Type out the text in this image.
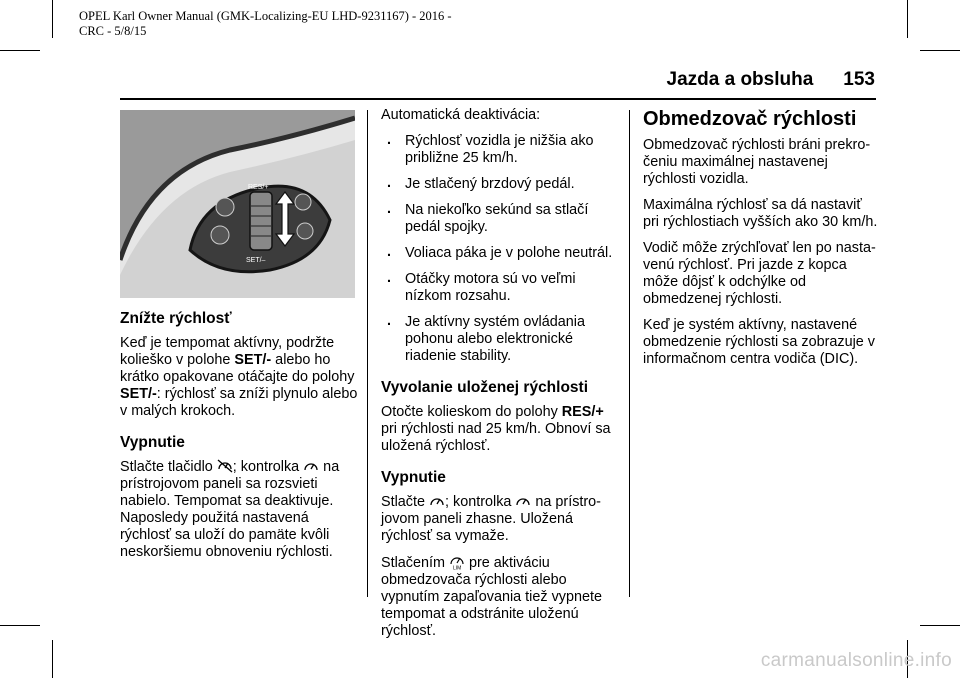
OPEL Karl Owner Manual (GMK-Localizing-EU LHD-9231167) - 2016 -
CRC - 5/8/15
Jazda a obsluha 153
RES/+
SET/–
Znížte rýchlosť

Keď je tempomat aktívny, podržte kolieško v polohe SET/- alebo ho krátko opakovane otáčajte do polohy SET/-: rýchlosť sa zníži plynulo alebo v malých krokoch.

Vypnutie

Stlačte tlačidlo ; kontrolka  na prístrojovom paneli sa rozsvieti nabielo. Tempomat sa deaktivuje. Naposledy použitá nastavená rýchlosť sa uloží do pamäte kvôli neskoršiemu obnoveniu rýchlosti.

Automatická deaktivácia:

. Rýchlosť vozidla je nižšia ako približne 25 km/h.
. Je stlačený brzdový pedál.
. Na niekoľko sekúnd sa stlačí pedál spojky.
. Voliaca páka je v polohe neutrál.
. Otáčky motora sú vo veľmi nízkom rozsahu.
. Je aktívny systém ovládania pohonu alebo elektronické riadenie stability.
Vyvolanie uloženej rýchlosti

Otočte kolieskom do polohy RES/+ pri rýchlosti nad 25 km/h. Obnoví sa uložená rýchlosť.

Vypnutie

Stlačte ; kontrolka  na prístro-jovom paneli zhasne. Uložená rýchlosť sa vymaže.

Stlačením LIM pre aktiváciu obmedzovača rýchlosti alebo vypnutím zapaľovania tiež vypnete tempomat a odstránite uloženú rýchlosť.

Obmedzovač rýchlosti

Obmedzovač rýchlosti bráni prekro-čeniu maximálnej nastavenej rýchlosti vozidla.

Maximálna rýchlosť sa dá nastaviť pri rýchlostiach vyšších ako 30 km/h.

Vodič môže zrýchľovať len po nasta-venú rýchlosť. Pri jazde z kopca môže dôjsť k odchýlke od obmedzenej rýchlosti.

Keď je systém aktívny, nastavené obmedzenie rýchlosti sa zobrazuje v informačnom centra vodiča (DIC).

carmanualsonline.info
